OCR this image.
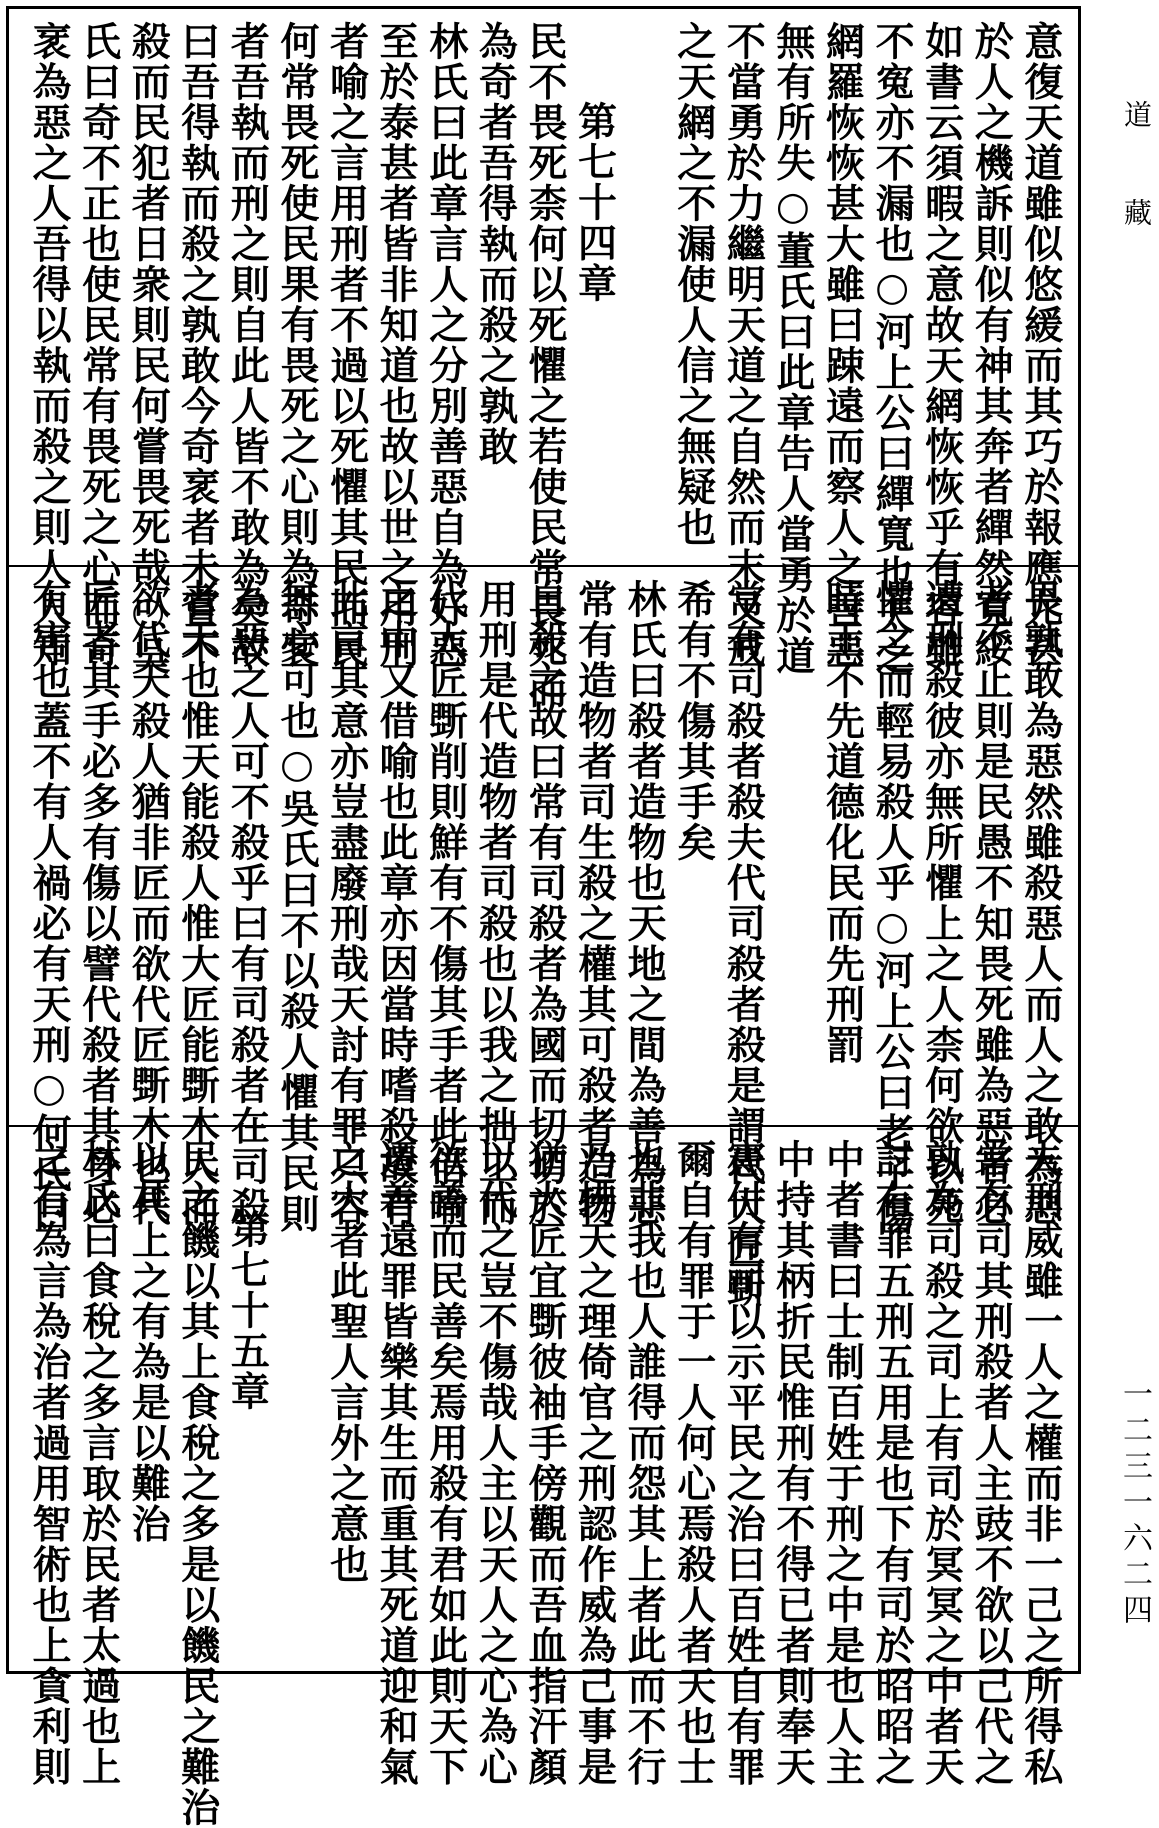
意復天道雖似悠緩而其巧於報應尤甚
於人之機訴則似有神其奔者繟然寬綏
如書云須暇之意故天網恢恢乎有容雖
不寃亦不漏也○河上公曰繟寬也天之
網羅恢恢甚大雖曰踈遠而察人之善惡
無有所失○董氏曰此章告人當勇於道
不當勇於力繼明天道之自然而末又戒
之天網之不漏使人信之無疑也
第七十四章
民不畏死柰何以死懼之若使民常畏死而
為奇者吾得執而殺之孰敢
林氏曰此章言人之分別善惡自為好惡
至於泰甚者皆非知道也故以世之用刑
者喻之言用刑者不過以死懼其民而民
何常畏死使民果有畏死之心則為奇衺
者吾執而刑之則自此人皆不敢為矣故
曰吾得執而殺之孰敢今奇衺者未嘗不
殺而民犯者日衆則民何嘗畏死哉○吳
氏曰奇不正也使民常有畏死之心而奇
衺為惡之人吾得以執而殺之則人人知
畏孰敢為惡然雖殺惡人而人之敢為惡
者不止則是民愚不知畏死雖為惡者必
遭刑殺彼亦無所懼上之人柰何欲以死
懼之而輕易殺人乎○河上公曰老子傷
時王不先道德化民而先刑罰
常有司殺者殺夫代司殺者殺是謂代大匠斲
希有不傷其手矣
林氏曰殺者造物也天地之間為善為惡
常有造物者司生殺之權其可殺者造物
自殺之故曰常有司殺者為國而切切於
用刑是代造物者司殺也以我之拙工而
代大匠斲削則鮮有不傷其手者此借喻
之中又借喻也此章亦因當時嗜殺故有
此言其意亦豈盡廢刑哉天討有罪只容
無心可也○吳氏曰不以殺人懼其民則
為惡之人可不殺乎曰有司殺者在司殺
者天也惟天能殺人惟大匠能斲木人而
欲代天殺人猶非匠而欲代匠斲木也代
匠者其手必多有傷以譬代殺者其身必
有害也蓋不有人禍必有天刑○何氏曰
夫刑威雖一人之權而非一己之所得私
常有司其刑殺者人主豉不欲以己代之
孰為司殺之司上有司於冥冥之中者天
討有罪五刑五用是也下有司於昭昭之
中者書曰士制百姓于刑之中是也人主
中持其柄折民惟刑有不得已者則奉天
憲付有司以示平民之治曰百姓自有罪
爾自有罪于一人何心焉殺人者天也士
也非我也人誰得而怨其上者此而不行
乃拂天之理倚官之刑認作威為己事是
猶大匠宜斲彼袖手傍觀而吾血指汗顏
以代之豈不傷哉人主以天人之心為心
欲善而民善矣焉用殺有君如此則天下
遷善遠罪皆樂其生而重其死道迎和氣
之大者此聖人言外之意也
第七十五章
民之饑以其上食稅之多是以饑民之難治
以其上之有為是以難治
林氏曰食稅之多言取於民者太過也上
之有為言為治者過用智術也上貪利則
道藏
一二三一六二四
